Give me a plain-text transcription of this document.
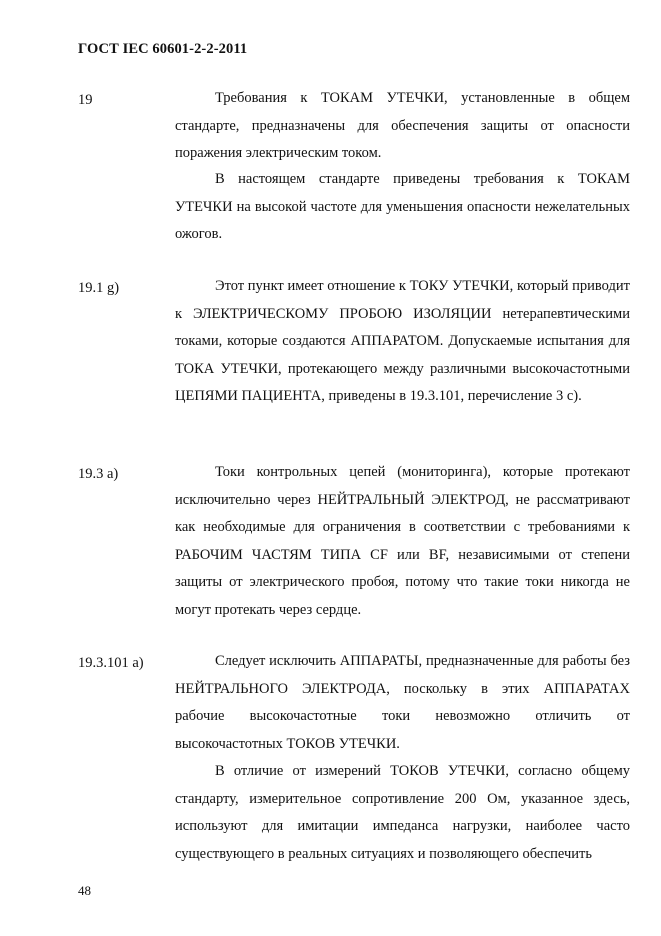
ГОСТ IEC 60601-2-2-2011
19	Требования к ТОКАМ УТЕЧКИ, установленные в общем стандарте, предназначены для обеспечения защиты от опасности поражения электрическим током.

В настоящем стандарте приведены требования к ТОКАМ УТЕЧКИ на высокой частоте для уменьшения опасности нежелательных ожогов.

19.1 g)	Этот пункт имеет отношение к ТОКУ УТЕЧКИ, который приводит к ЭЛЕКТРИЧЕСКОМУ ПРОБОЮ ИЗОЛЯЦИИ нетерапевтическими токами, которые создаются АППАРАТОМ. Допускаемые испытания для ТОКА УТЕЧКИ, протекающего между различными высокочастотными ЦЕПЯМИ ПАЦИЕНТА, приведены в 19.3.101, перечисление 3 c).

19.3 a)	Токи контрольных цепей (мониторинга), которые протекают исключительно через НЕЙТРАЛЬНЫЙ ЭЛЕКТРОД, не рассматривают как необходимые для ограничения в соответствии с требованиями к РАБОЧИМ ЧАСТЯМ ТИПА CF или BF, независимыми от степени защиты от электрического пробоя, потому что такие токи никогда не могут протекать через сердце.

19.3.101 a)	Следует исключить АППАРАТЫ, предназначенные для работы без НЕЙТРАЛЬНОГО ЭЛЕКТРОДА, поскольку в этих АППАРАТАХ рабочие высокочастотные токи невозможно отличить от высокочастотных ТОКОВ УТЕЧКИ.

В отличие от измерений ТОКОВ УТЕЧКИ, согласно общему стандарту, измерительное сопротивление 200 Ом, указанное здесь, используют для имитации импеданса нагрузки, наиболее часто существующего в реальных ситуациях и позволяющего обеспечить

48
